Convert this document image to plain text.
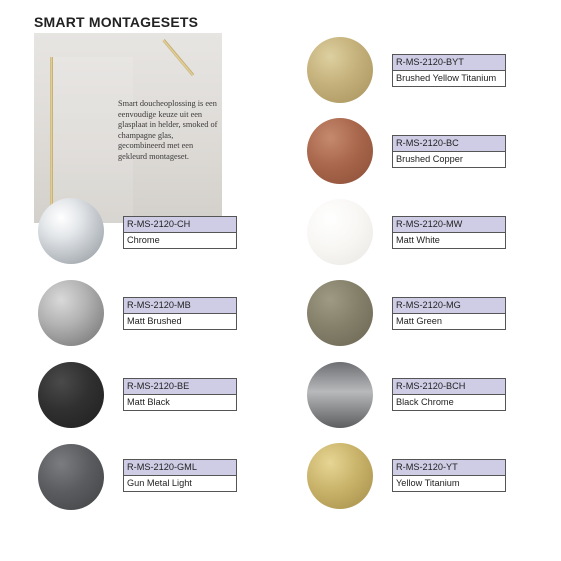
SMART MONTAGESETS
Smart doucheoplossing is een eenvoudige keuze uit een glasplaat in helder, smoked of champagne glas, gecombineerd met een gekleurd montageset.
R-MS-2120-CH
Chrome
R-MS-2120-MB
Matt Brushed
R-MS-2120-BE
Matt Black
R-MS-2120-GML
Gun Metal Light
R-MS-2120-BYT
Brushed Yellow Titanium
R-MS-2120-BC
Brushed Copper
R-MS-2120-MW
Matt White
R-MS-2120-MG
Matt Green
R-MS-2120-BCH
Black Chrome
R-MS-2120-YT
Yellow Titanium
